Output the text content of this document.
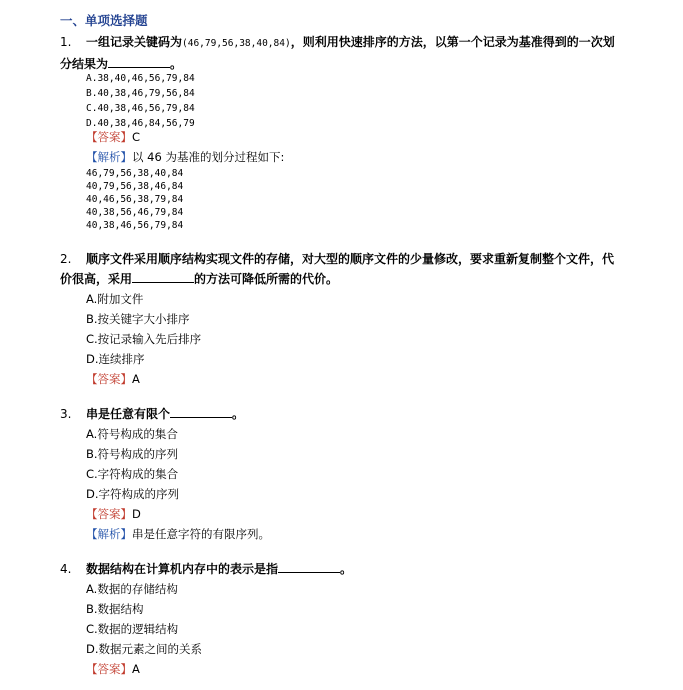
一、单项选择题
1. 一组记录关键码为(46,79,56,38,40,84)，则利用快速排序的方法，以第一个记录为基准得到的一次划
分结果为	。
A.38,40,46,56,79,84
B.40,38,46,79,56,84
C.40,38,46,56,79,84
D.40,38,46,84,56,79
【答案】C
【解析】以 46 为基准的划分过程如下:
46,79,56,38,40,84
40,79,56,38,46,84
40,46,56,38,79,84
40,38,56,46,79,84
40,38,46,56,79,84
2. 顺序文件采用顺序结构实现文件的存储，对大型的顺序文件的少量修改，要求重新复制整个文件，代
价很高，采用	的方法可降低所需的代价。
A.附加文件
B.按关键字大小排序
C.按记录输入先后排序
D.连续排序
【答案】A
3. 串是任意有限个	。
A.符号构成的集合
B.符号构成的序列
C.字符构成的集合
D.字符构成的序列
【答案】D
【解析】串是任意字符的有限序列。
4. 数据结构在计算机内存中的表示是指	。
A.数据的存储结构
B.数据结构
C.数据的逻辑结构
D.数据元素之间的关系
【答案】A
